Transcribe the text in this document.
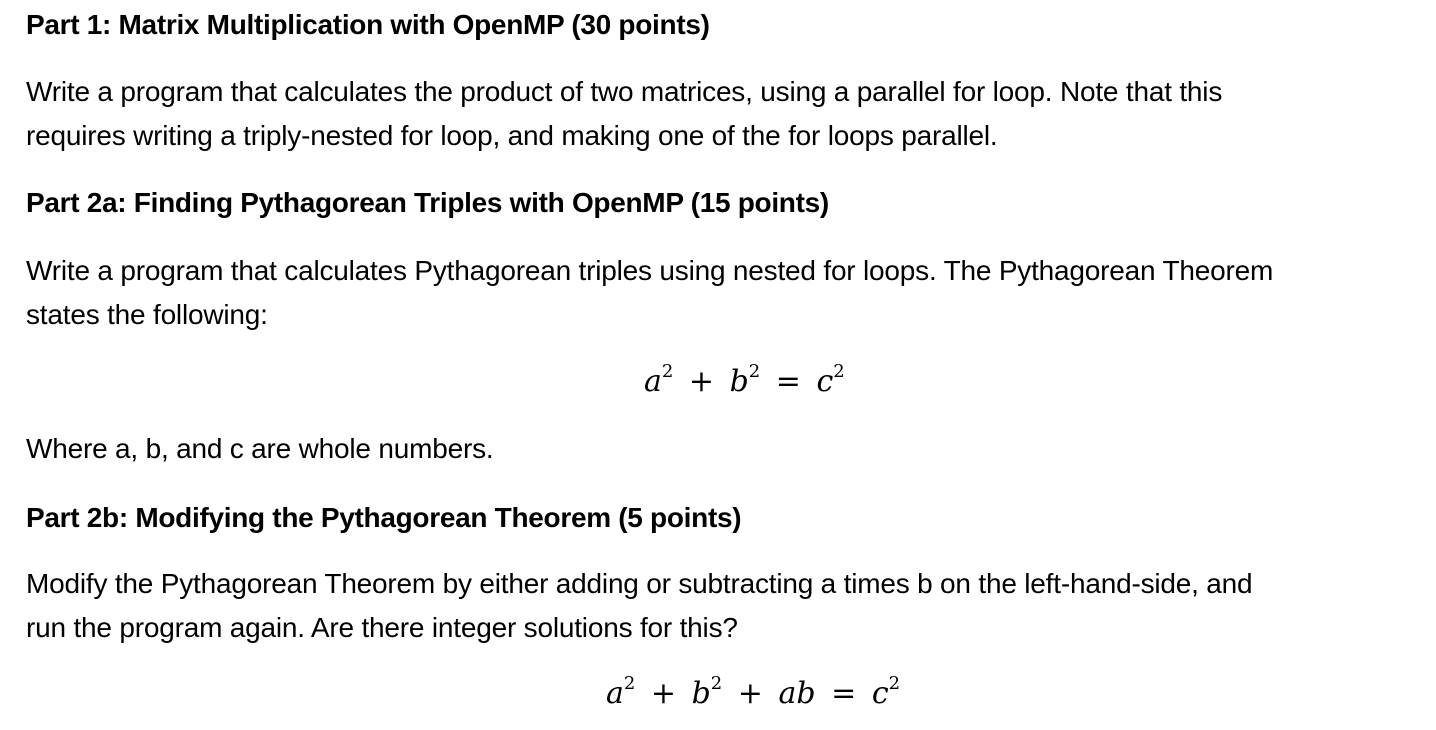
Part 1: Matrix Multiplication with OpenMP (30 points)
Write a program that calculates the product of two matrices, using a parallel for loop. Note that this
requires writing a triply-nested for loop, and making one of the for loops parallel.
Part 2a: Finding Pythagorean Triples with OpenMP (15 points)
Write a program that calculates Pythagorean triples using nested for loops. The Pythagorean Theorem
states the following:
$a^2 + b^2 = c^2$
Where a, b, and c are whole numbers.
Part 2b: Modifying the Pythagorean Theorem (5 points)
Modify the Pythagorean Theorem by either adding or subtracting a times b on the left-hand-side, and
run the program again. Are there integer solutions for this?
$a^2 + b^2$ + ab = $c^2$
